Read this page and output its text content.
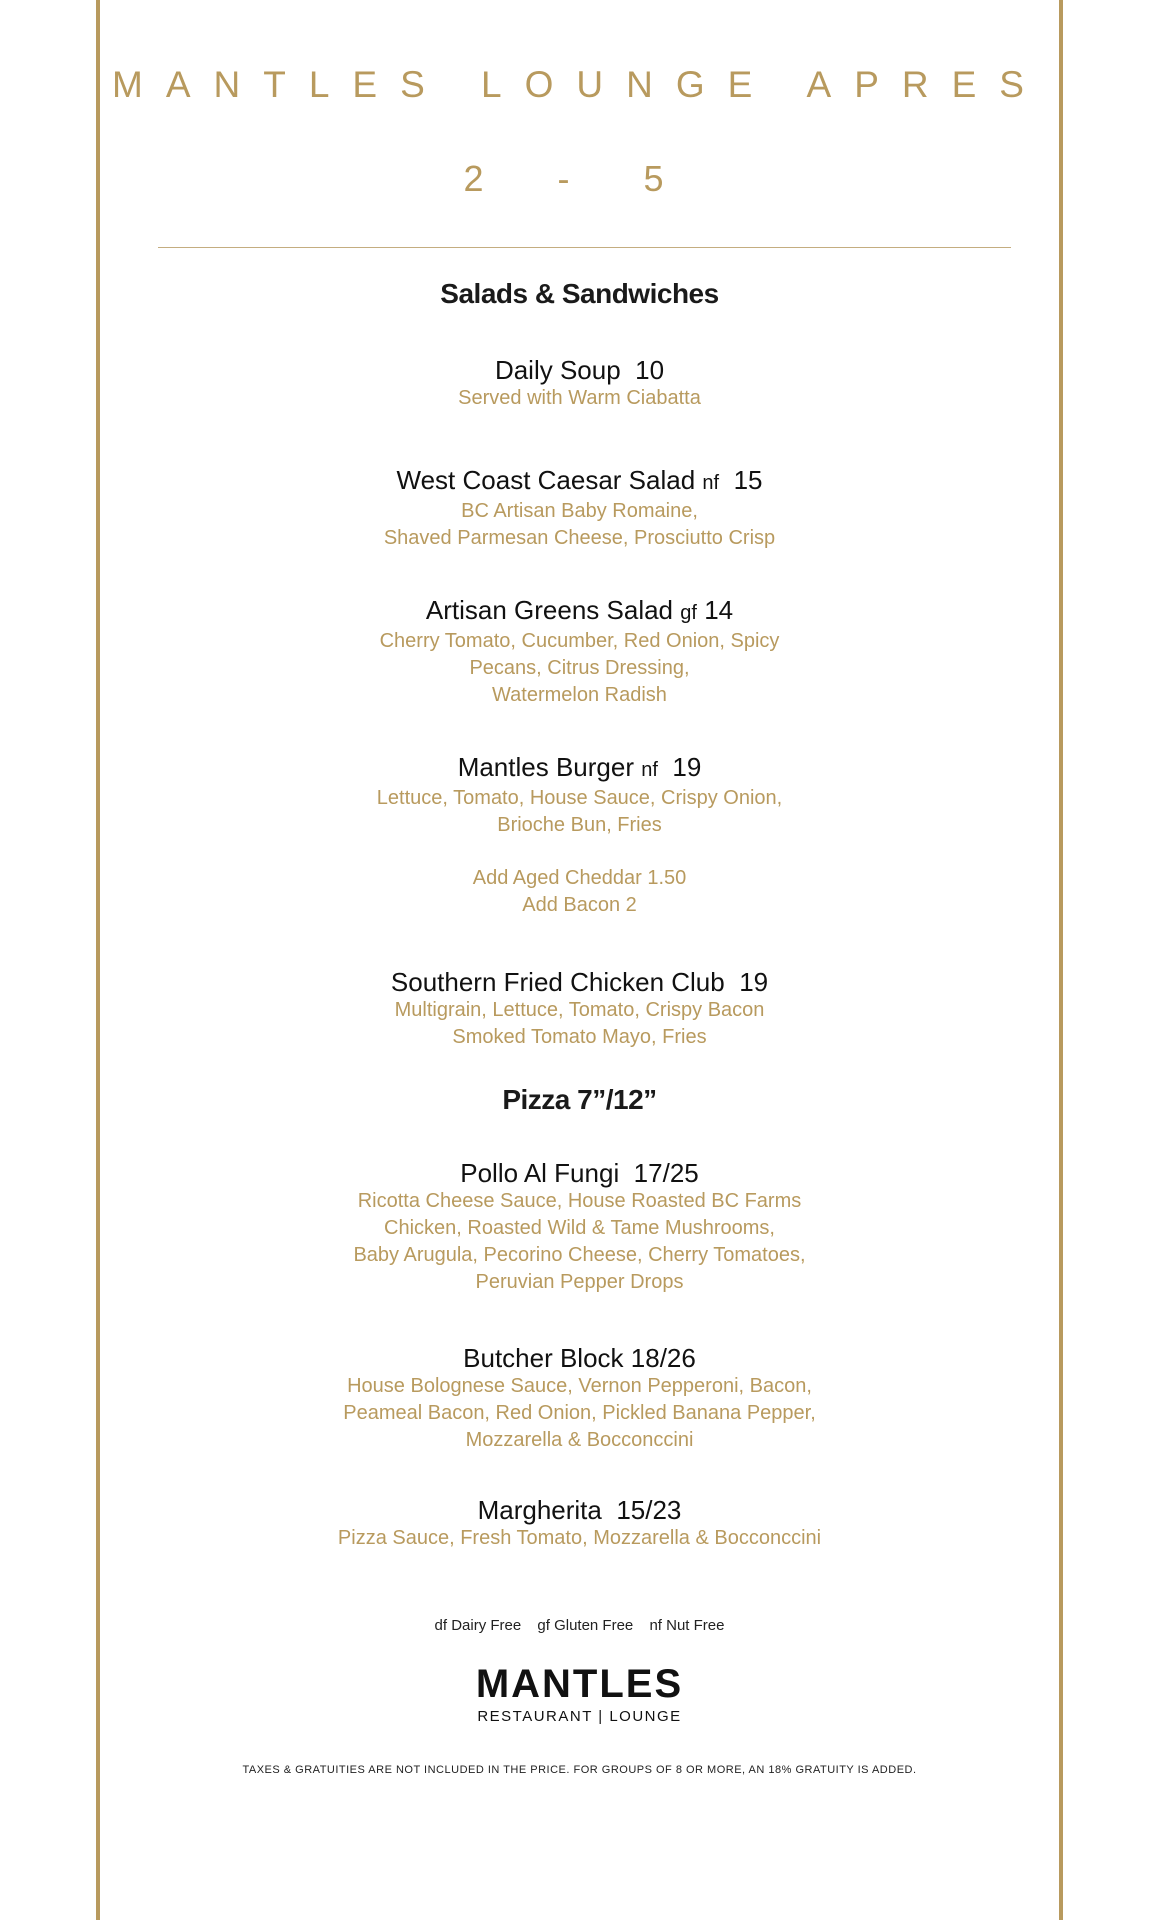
MANTLES LOUNGE APRES
2 - 5
Salads & Sandwiches
Daily Soup 10
Served with Warm Ciabatta
West Coast Caesar Salad nf 15
BC Artisan Baby Romaine,
Shaved Parmesan Cheese, Prosciutto Crisp
Artisan Greens Salad gf 14
Cherry Tomato, Cucumber, Red Onion, Spicy
Pecans, Citrus Dressing,
Watermelon Radish
Mantles Burger nf 19
Lettuce, Tomato, House Sauce, Crispy Onion,
Brioche Bun, Fries
Add Aged Cheddar 1.50
Add Bacon 2
Southern Fried Chicken Club 19
Multigrain, Lettuce, Tomato, Crispy Bacon
Smoked Tomato Mayo, Fries
Pizza 7”/12”
Pollo Al Fungi 17/25
Ricotta Cheese Sauce, House Roasted BC Farms
Chicken, Roasted Wild & Tame Mushrooms,
Baby Arugula, Pecorino Cheese, Cherry Tomatoes,
Peruvian Pepper Drops
Butcher Block 18/26
House Bolognese Sauce, Vernon Pepperoni, Bacon,
Peameal Bacon, Red Onion, Pickled Banana Pepper,
Mozzarella & Bocconccini
Margherita 15/23
Pizza Sauce, Fresh Tomato, Mozzarella & Bocconccini
df Dairy Free gf Gluten Free nf Nut Free
MANTLES
RESTAURANT | LOUNGE
TAXES & GRATUITIES ARE NOT INCLUDED IN THE PRICE. FOR GROUPS OF 8 OR MORE, AN 18% GRATUITY IS ADDED.
